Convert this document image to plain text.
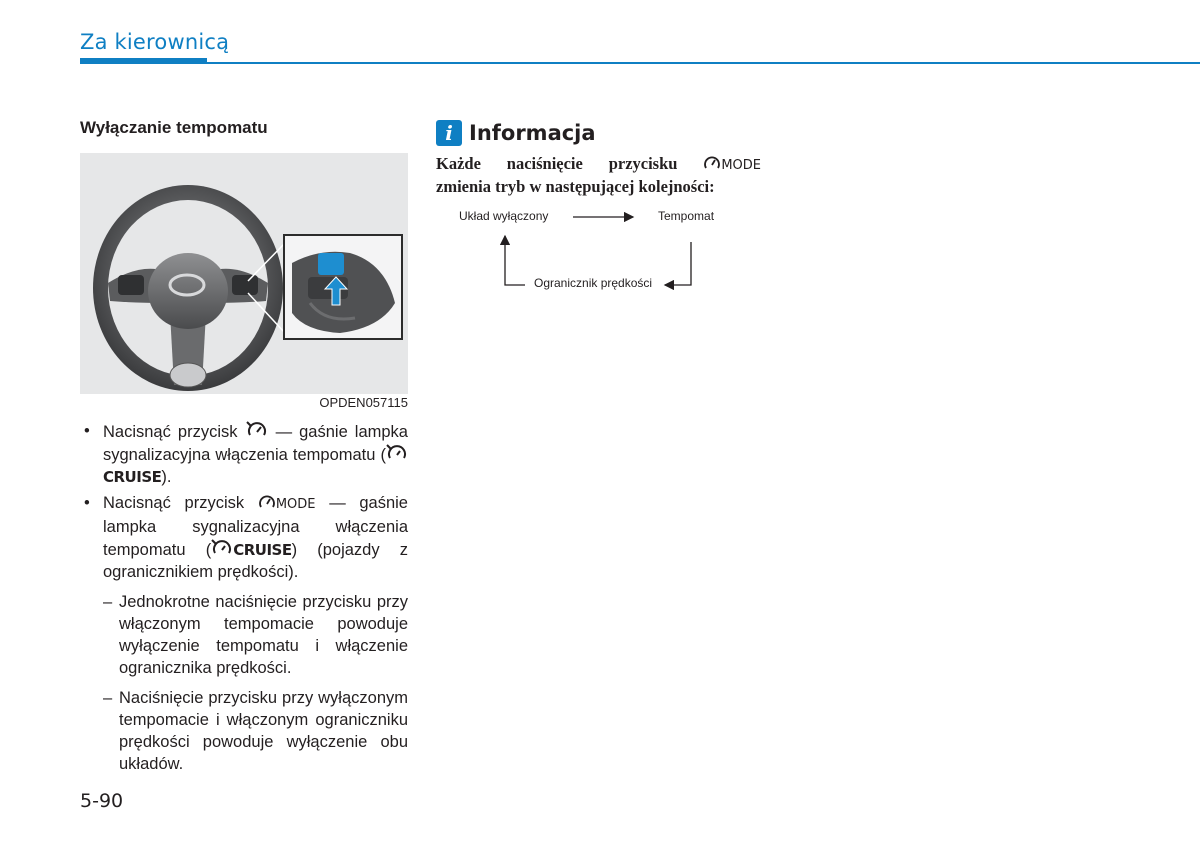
Za kierownicą
Wyłączanie tempomatu
OPDEN057115
• Nacisnąć przycisk — gaśnie lampka sygnalizacyjna włączenia tempomatu (CRUISE).
• Nacisnąć przycisk MODE — gaśnie lampka sygnalizacyjna włączenia tempomatu ( CRUISE) (pojazdy z ogranicznikiem prędkości).
– Jednokrotne naciśnięcie przycisku przy włączonym tempomacie powoduje wyłączenie tempomatu i włączenie ogranicznika prędkości.
– Naciśnięcie przycisku przy wyłączonym tempomacie i włączonym ograniczniku prędkości powoduje wyłączenie obu układów.
5-90
i Informacja
Każde naciśnięcie przycisku	MODE
zmienia tryb w następującej kolejności:
Układ wyłączony	Tempomat
Ogranicznik prędkości
